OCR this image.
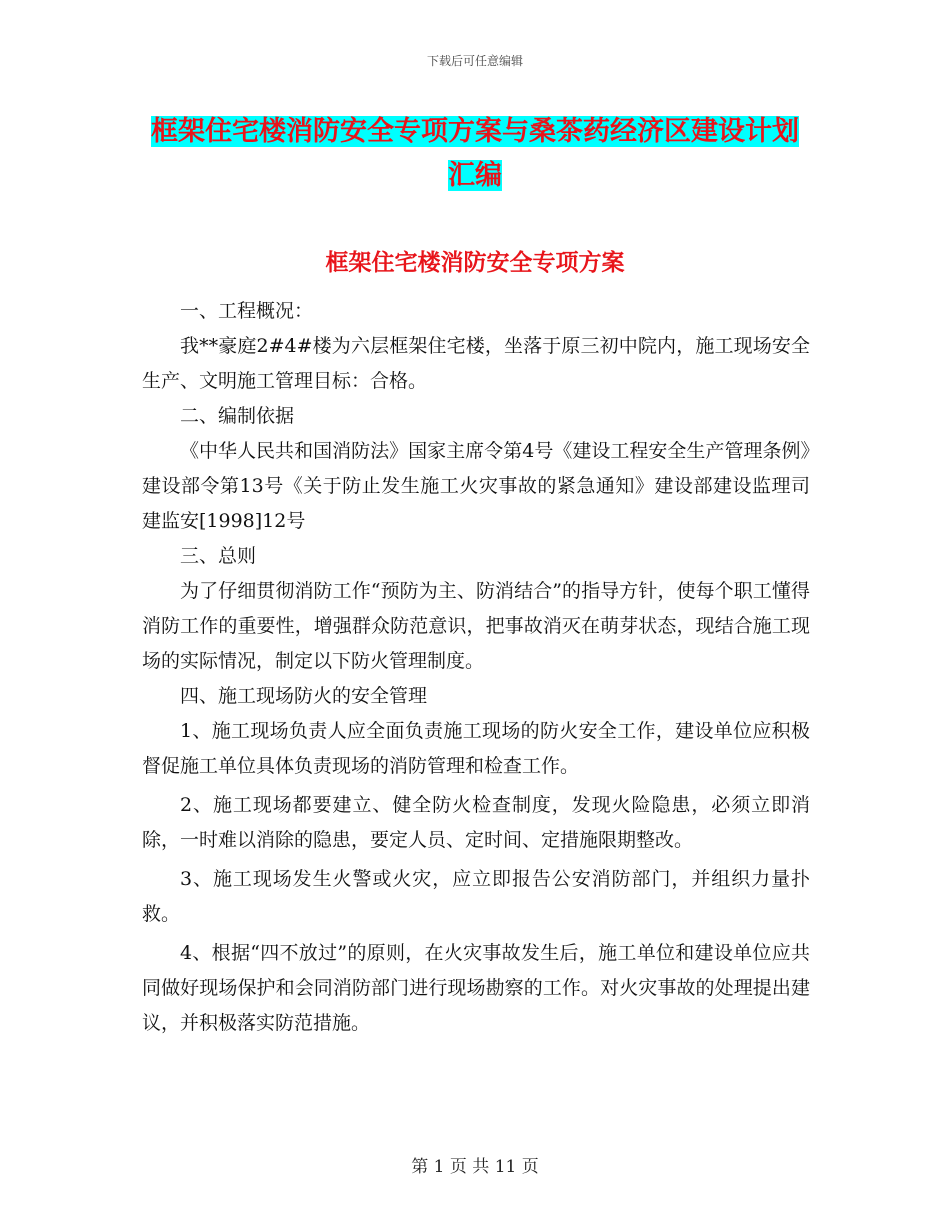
下载后可任意编辑
框架住宅楼消防安全专项方案与桑茶药经济区建设计划汇编
框架住宅楼消防安全专项方案

一、工程概况：

我**豪庭2#4#楼为六层框架住宅楼，坐落于原三初中院内，施工现场安全生产、文明施工管理目标：合格。

二、编制依据

《中华人民共和国消防法》国家主席令第4号《建设工程安全生产管理条例》建设部令第13号《关于防止发生施工火灾事故的紧急通知》建设部建设监理司建监安[1998]12号

三、总则

为了仔细贯彻消防工作“预防为主、防消结合”的指导方针，使每个职工懂得消防工作的重要性，增强群众防范意识，把事故消灭在萌芽状态，现结合施工现场的实际情况，制定以下防火管理制度。

四、施工现场防火的安全管理

1、施工现场负责人应全面负责施工现场的防火安全工作，建设单位应积极督促施工单位具体负责现场的消防管理和检查工作。

2、施工现场都要建立、健全防火检查制度，发现火险隐患，必须立即消除，一时难以消除的隐患，要定人员、定时间、定措施限期整改。

3、施工现场发生火警或火灾，应立即报告公安消防部门，并组织力量扑救。

4、根据“四不放过”的原则，在火灾事故发生后，施工单位和建设单位应共同做好现场保护和会同消防部门进行现场勘察的工作。对火灾事故的处理提出建议，并积极落实防范措施。

第 1 页 共 11 页
